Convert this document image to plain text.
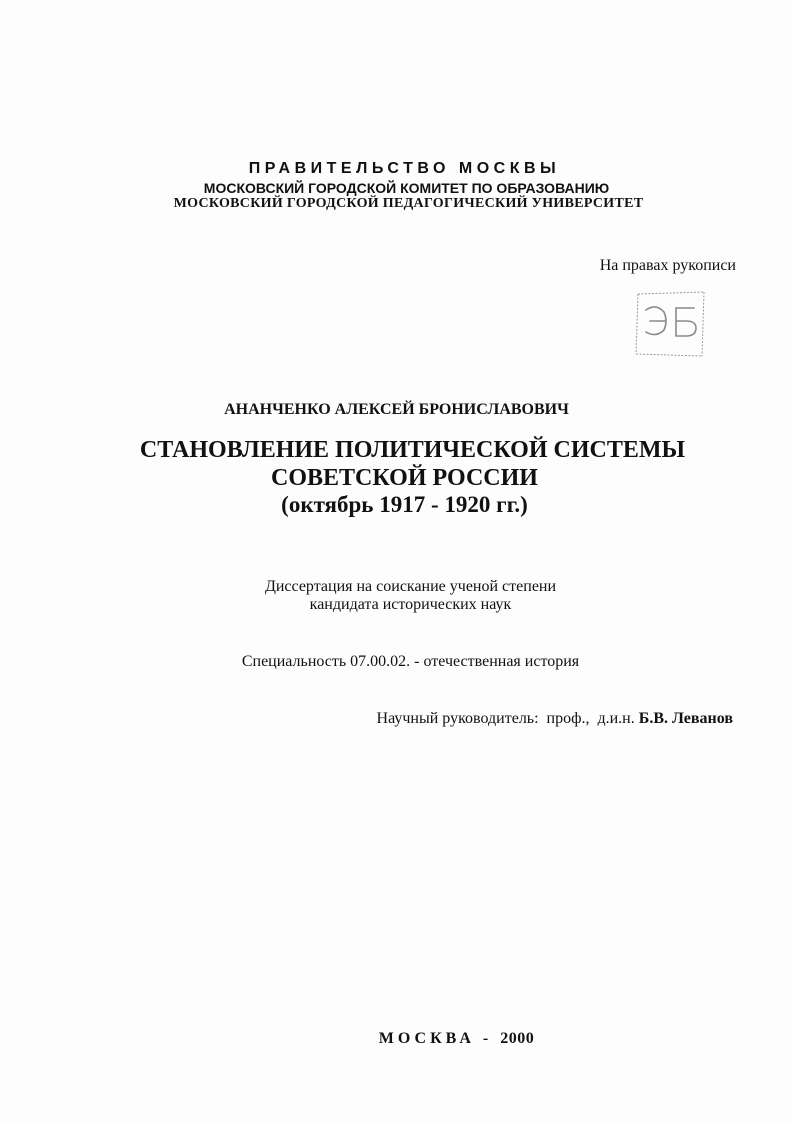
ПРАВИТЕЛЬСТВО МОСКВЫ
МОСКОВСКИЙ ГОРОДСКОЙ КОМИТЕТ ПО ОБРАЗОВАНИЮ
МОСКОВСКИЙ ГОРОДСКОЙ ПЕДАГОГИЧЕСКИЙ УНИВЕРСИТЕТ
На правах рукописи
ЭБ
АНАНЧЕНКО АЛЕКСЕЙ БРОНИСЛАВОВИЧ
СТАНОВЛЕНИЕ ПОЛИТИЧЕСКОЙ СИСТЕМЫ
СОВЕТСКОЙ РОССИИ
(октябрь 1917 - 1920 гг.)
Диссертация на соискание ученой степени
кандидата исторических наук
Специальность 07.00.02. - отечественная история
Научный руководитель:  проф.,  д.и.н. Б.В. Леванов
МОСКВА - 2000
